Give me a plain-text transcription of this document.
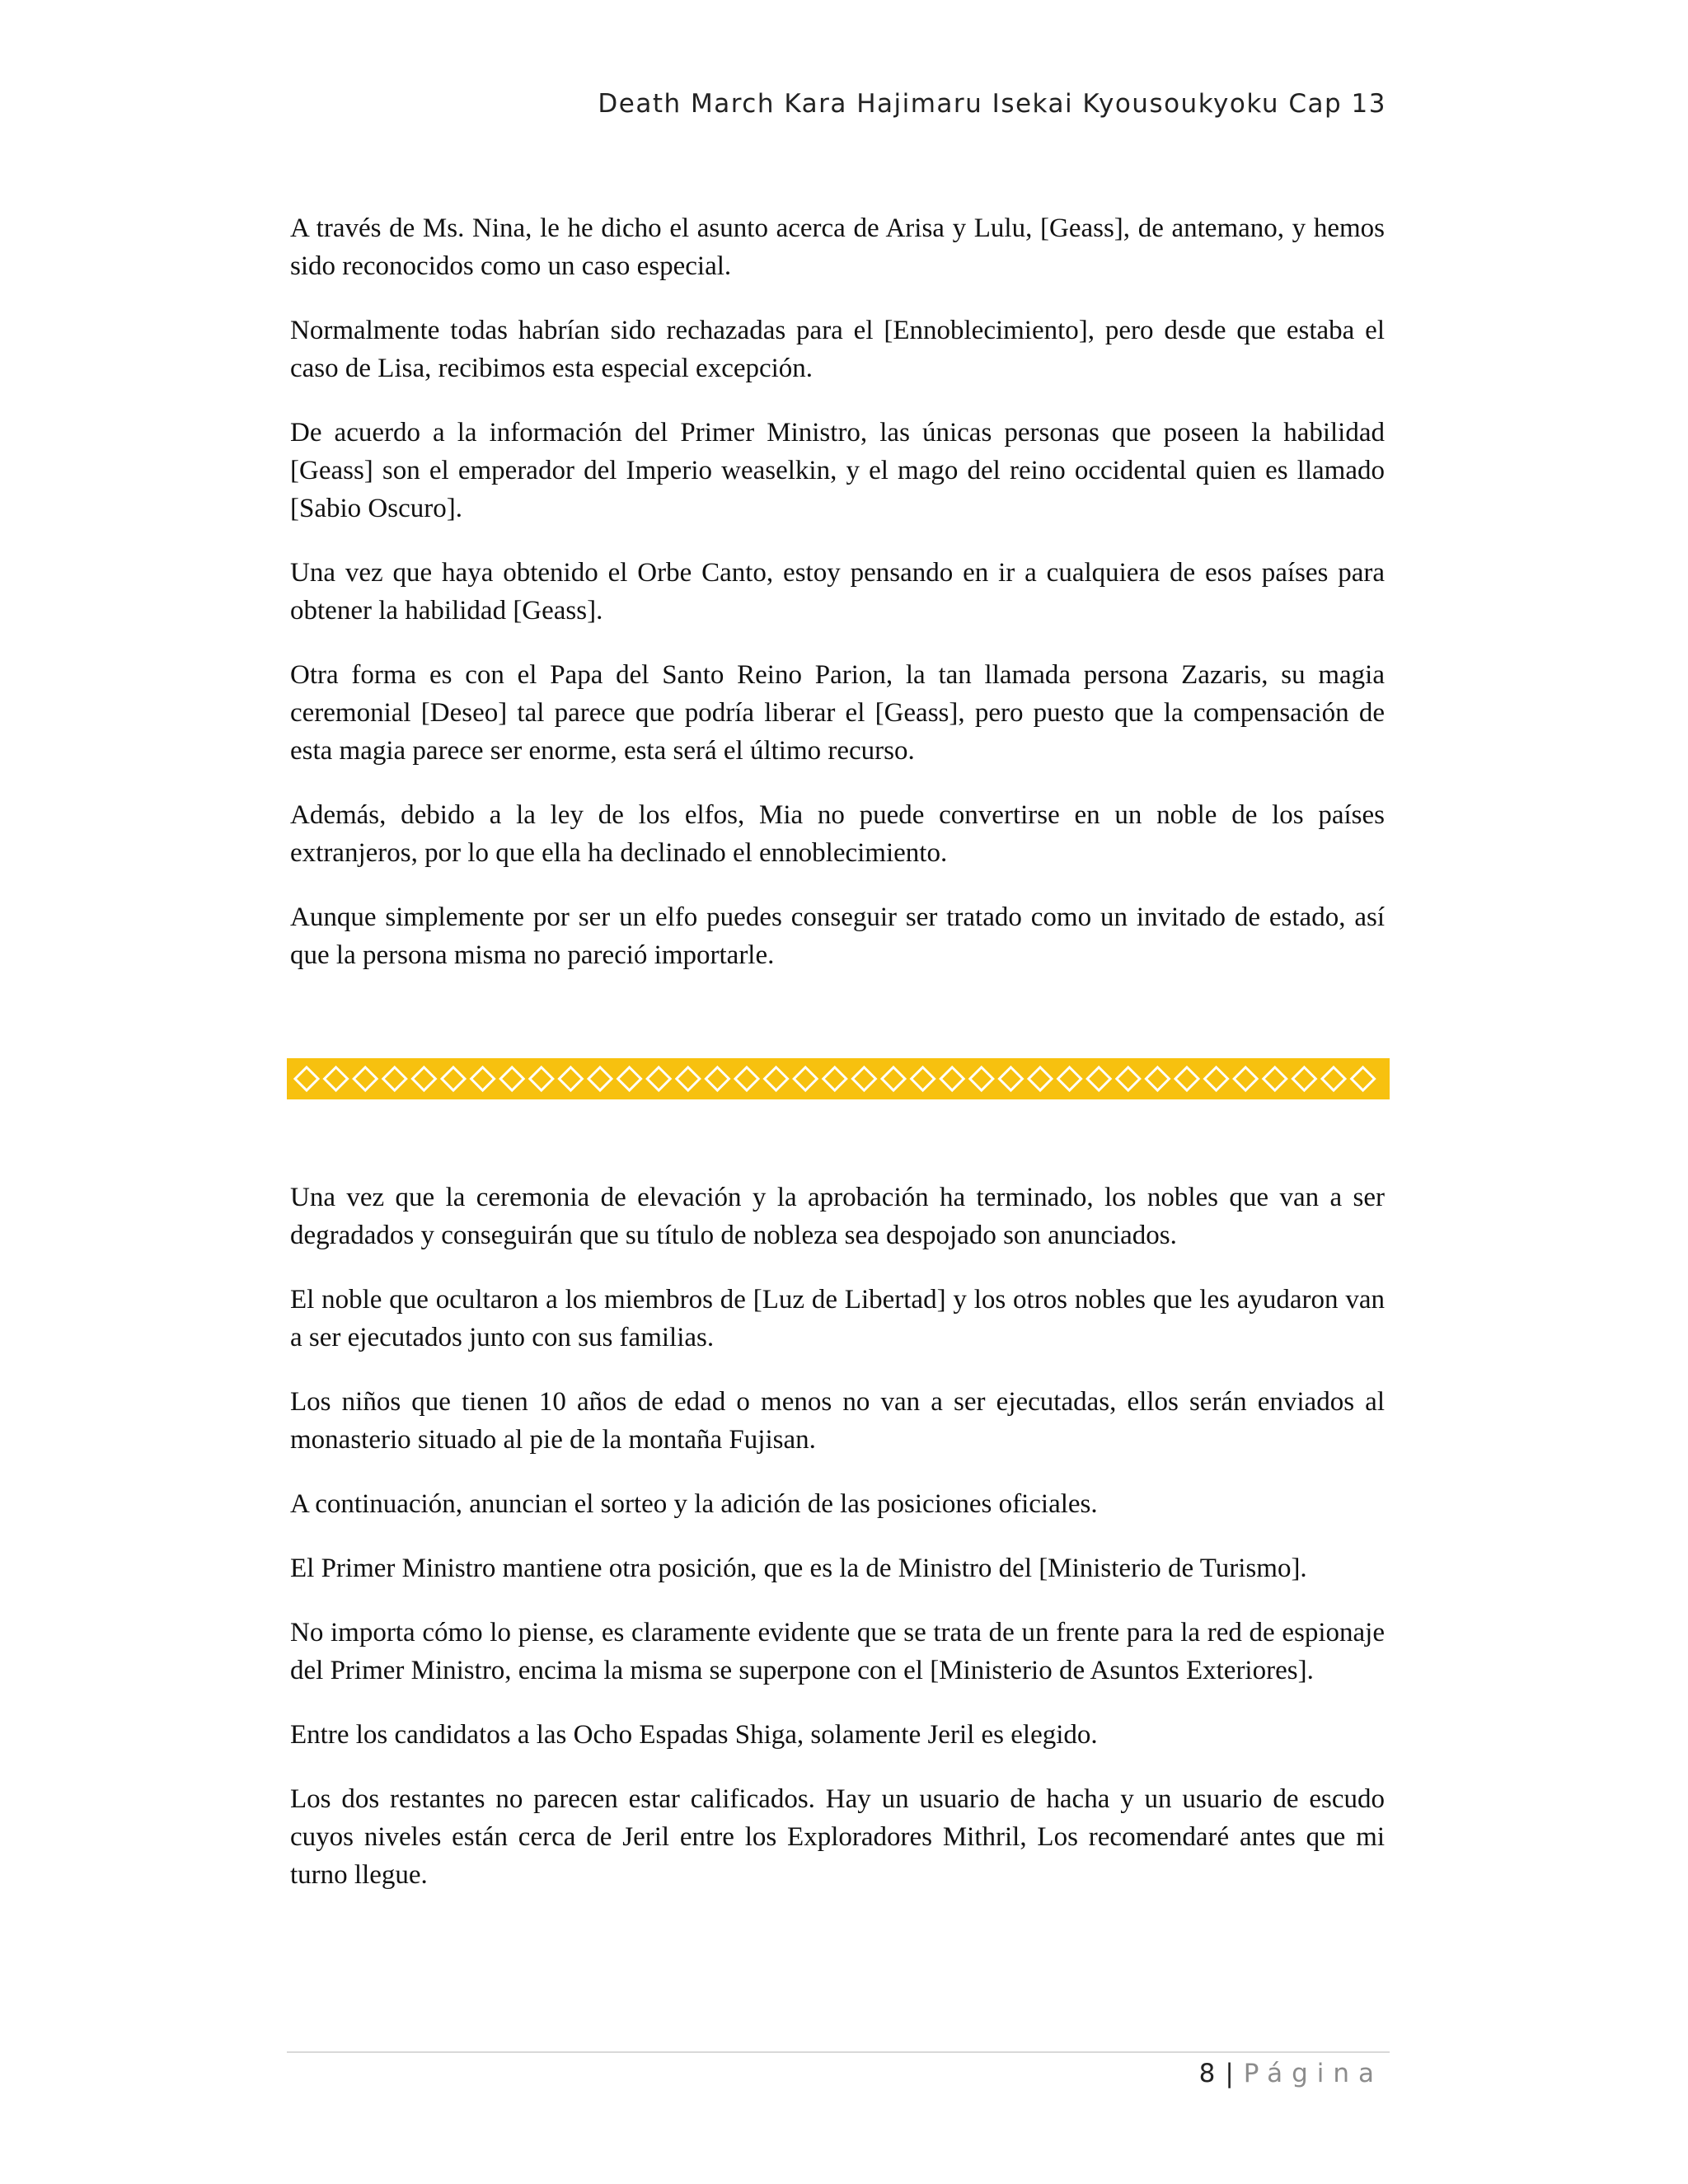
Death March Kara Hajimaru Isekai Kyousoukyoku Cap 13

A través de Ms. Nina, le he dicho el asunto acerca de Arisa y Lulu, [Geass], de antemano, y hemos sido reconocidos como un caso especial.

Normalmente todas habrían sido rechazadas para el [Ennoblecimiento], pero desde que estaba el caso de Lisa, recibimos esta especial excepción.

De acuerdo a la información del Primer Ministro, las únicas personas que poseen la habilidad [Geass] son el emperador del Imperio weaselkin, y el mago del reino occidental quien es llamado [Sabio Oscuro].

Una vez que haya obtenido el Orbe Canto, estoy pensando en ir a cualquiera de esos países para obtener la habilidad [Geass].

Otra forma es con el Papa del Santo Reino Parion, la tan llamada persona Zazaris, su magia ceremonial [Deseo] tal parece que podría liberar el [Geass], pero puesto que la compensación de esta magia parece ser enorme, esta será el último recurso.

Además, debido a la ley de los elfos, Mia no puede convertirse en un noble de los países extranjeros, por lo que ella ha declinado el ennoblecimiento.

Aunque simplemente por ser un elfo puedes conseguir ser tratado como un invitado de estado, así que la persona misma no pareció importarle.

Una vez que la ceremonia de elevación y la aprobación ha terminado, los nobles que van a ser degradados y conseguirán que su título de nobleza sea despojado son anunciados.

El noble que ocultaron a los miembros de [Luz de Libertad] y los otros nobles que les ayudaron van a ser ejecutados junto con sus familias.

Los niños que tienen 10 años de edad o menos no van a ser ejecutadas, ellos serán enviados al monasterio situado al pie de la montaña Fujisan.

A continuación, anuncian el sorteo y la adición de las posiciones oficiales.

El Primer Ministro mantiene otra posición, que es la de Ministro del [Ministerio de Turismo].

No importa cómo lo piense, es claramente evidente que se trata de un frente para la red de espionaje del Primer Ministro, encima la misma se superpone con el [Ministerio de Asuntos Exteriores].

Entre los candidatos a las Ocho Espadas Shiga, solamente Jeril es elegido.

Los dos restantes no parecen estar calificados. Hay un usuario de hacha y un usuario de escudo cuyos niveles están cerca de Jeril entre los Exploradores Mithril, Los recomendaré antes que mi turno llegue.

8 | Página
